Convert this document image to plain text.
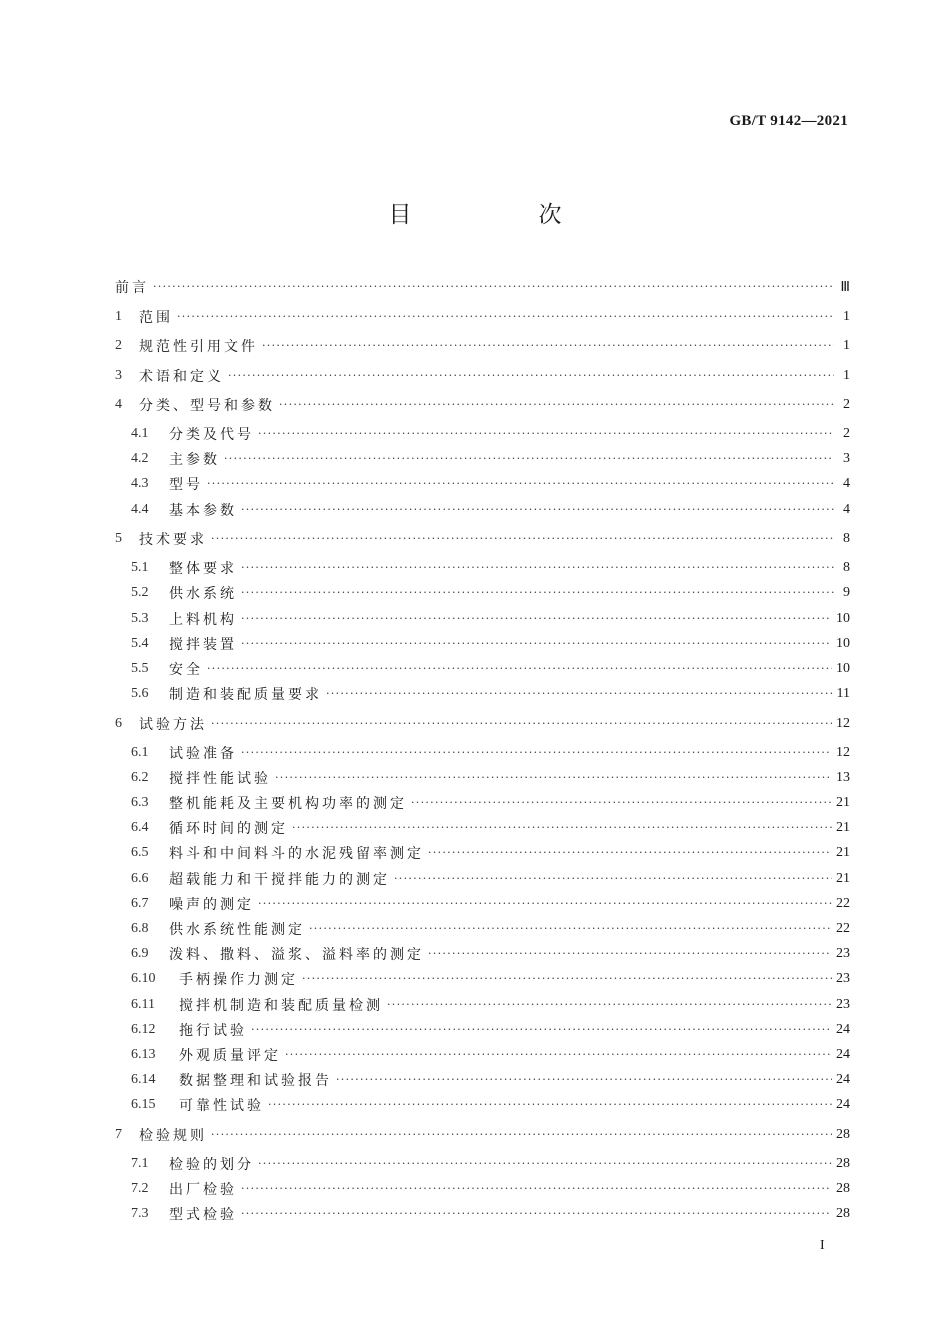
GB/T 9142—2021
目　次
前言 ·····	Ⅲ
1	范围 ·····	1
2	规范性引用文件 ·····	1
3	术语和定义 ·····	1
4	分类、型号和参数 ·····	2
4.1	分类及代号 ·····	2
4.2	主参数 ·····	3
4.3	型号 ·····	4
4.4	基本参数 ·····	4
5	技术要求 ·····	8
5.1	整体要求 ·····	8
5.2	供水系统 ·····	9
5.3	上料机构 ·····	10
5.4	搅拌装置 ·····	10
5.5	安全 ·····	10
5.6	制造和装配质量要求 ·····	11
6	试验方法 ·····	12
6.1	试验准备 ·····	12
6.2	搅拌性能试验 ·····	13
6.3	整机能耗及主要机构功率的测定 ·····	21
6.4	循环时间的测定 ·····	21
6.5	料斗和中间料斗的水泥残留率测定 ·····	21
6.6	超载能力和干搅拌能力的测定 ·····	21
6.7	噪声的测定 ·····	22
6.8	供水系统性能测定 ·····	22
6.9	泼料、撒料、溢浆、溢料率的测定 ·····	23
6.10	手柄操作力测定 ·····	23
6.11	搅拌机制造和装配质量检测 ·····	23
6.12	拖行试验 ·····	24
6.13	外观质量评定 ·····	24
6.14	数据整理和试验报告 ·····	24
6.15	可靠性试验 ·····	24
7	检验规则 ·····	28
7.1	检验的划分 ·····	28
7.2	出厂检验 ·····	28
7.3	型式检验 ·····	28
I
